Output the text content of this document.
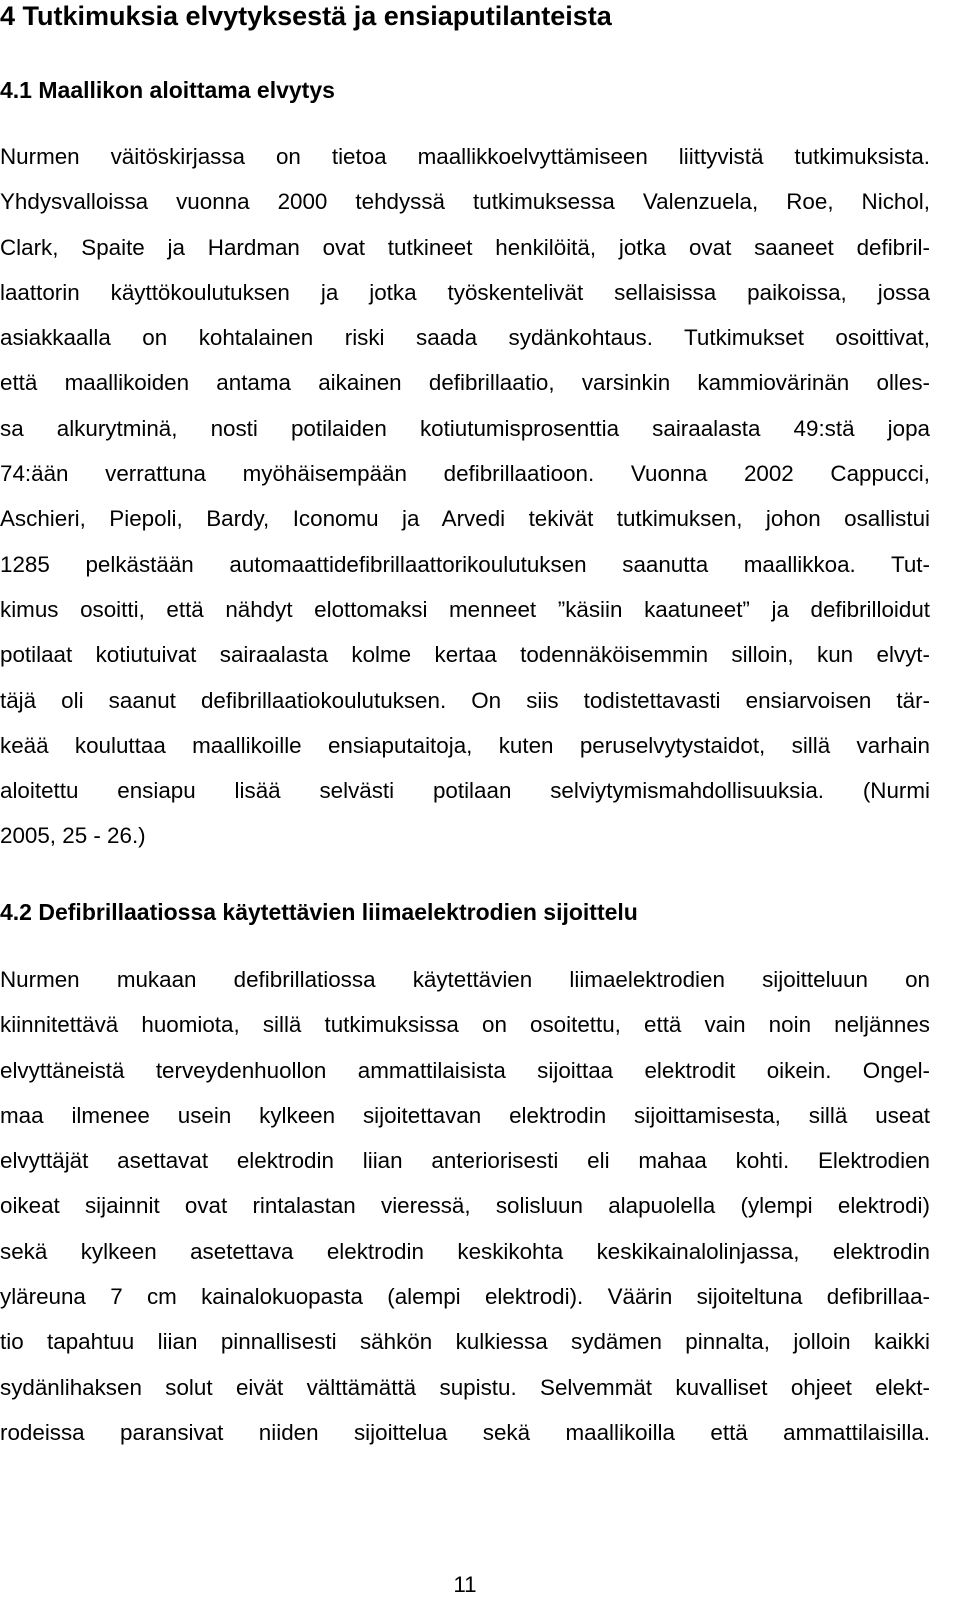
4 Tutkimuksia elvytyksestä ja ensiaputilanteista
4.1 Maallikon aloittama elvytys
Nurmen väitöskirjassa on tietoa maallikkoelvyttämiseen liittyvistä tutkimuksista.
Yhdysvalloissa vuonna 2000 tehdyssä tutkimuksessa Valenzuela, Roe, Nichol,
Clark, Spaite ja Hardman ovat tutkineet henkilöitä, jotka ovat saaneet defibril-
laattorin käyttökoulutuksen ja jotka työskentelivät sellaisissa paikoissa, jossa
asiakkaalla on kohtalainen riski saada sydänkohtaus. Tutkimukset osoittivat,
että maallikoiden antama aikainen defibrillaatio, varsinkin kammiovärinän olles-
sa alkurytminä, nosti potilaiden kotiutumisprosenttia sairaalasta 49:stä jopa
74:ään verrattuna myöhäisempään defibrillaatioon. Vuonna 2002 Cappucci,
Aschieri, Piepoli, Bardy, Iconomu ja Arvedi tekivät tutkimuksen, johon osallistui
1285 pelkästään automaattidefibrillaattorikoulutuksen saanutta maallikkoa. Tut-
kimus osoitti, että nähdyt elottomaksi menneet ”käsiin kaatuneet” ja defibrilloidut
potilaat kotiutuivat sairaalasta kolme kertaa todennäköisemmin silloin, kun elvyt-
täjä oli saanut defibrillaatiokoulutuksen. On siis todistettavasti ensiarvoisen tär-
keää kouluttaa maallikoille ensiaputaitoja, kuten peruselvytystaidot, sillä varhain
aloitettu ensiapu lisää selvästi potilaan selviytymismahdollisuuksia. (Nurmi
2005, 25 - 26.)
4.2 Defibrillaatiossa käytettävien liimaelektrodien sijoittelu
Nurmen mukaan defibrillatiossa käytettävien liimaelektrodien sijoitteluun on
kiinnitettävä huomiota, sillä tutkimuksissa on osoitettu, että vain noin neljännes
elvyttäneistä terveydenhuollon ammattilaisista sijoittaa elektrodit oikein. Ongel-
maa ilmenee usein kylkeen sijoitettavan elektrodin sijoittamisesta, sillä useat
elvyttäjät asettavat elektrodin liian anteriorisesti eli mahaa kohti. Elektrodien
oikeat sijainnit ovat rintalastan vieressä, solisluun alapuolella (ylempi elektrodi)
sekä kylkeen asetettava elektrodin keskikohta keskikainalolinjassa, elektrodin
yläreuna 7 cm kainalokuopasta (alempi elektrodi). Väärin sijoiteltuna defibrillaa-
tio tapahtuu liian pinnallisesti sähkön kulkiessa sydämen pinnalta, jolloin kaikki
sydänlihaksen solut eivät välttämättä supistu. Selvemmät kuvalliset ohjeet elekt-
rodeissa paransivat niiden sijoittelua sekä maallikoilla että ammattilaisilla.
11
